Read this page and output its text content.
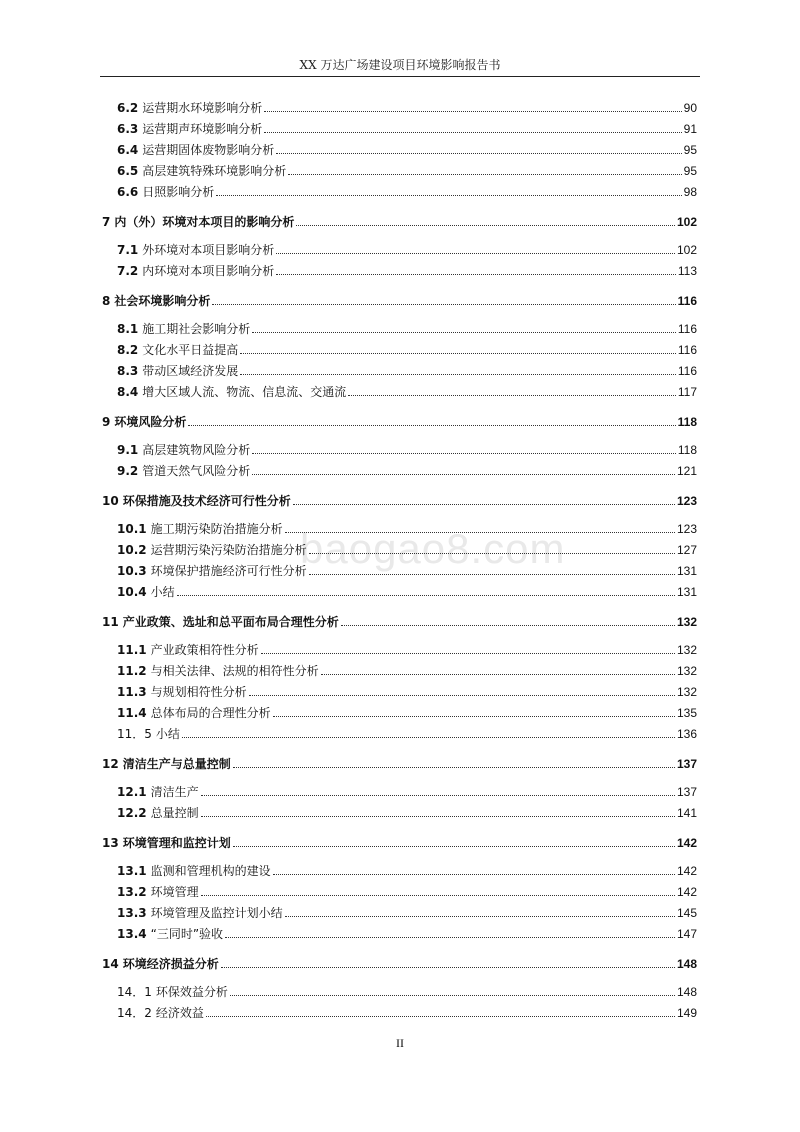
XX 万达广场建设项目环境影响报告书
baogao8.com
6.2 运营期水环境影响分析	90
6.3 运营期声环境影响分析	91
6.4 运营期固体废物影响分析	95
6.5 高层建筑特殊环境影响分析	95
6.6 日照影响分析	98
7 内（外）环境对本项目的影响分析	102
7.1 外环境对本项目影响分析	102
7.2 内环境对本项目影响分析	113
8 社会环境影响分析	116
8.1 施工期社会影响分析	116
8.2 文化水平日益提高	116
8.3 带动区域经济发展	116
8.4 增大区域人流、物流、信息流、交通流	117
9 环境风险分析	118
9.1 高层建筑物风险分析	118
9.2 管道天然气风险分析	121
10 环保措施及技术经济可行性分析	123
10.1 施工期污染防治措施分析	123
10.2 运营期污染污染防治措施分析	127
10.3 环境保护措施经济可行性分析	131
10.4 小结	131
11 产业政策、选址和总平面布局合理性分析	132
11.1 产业政策相符性分析	132
11.2 与相关法律、法规的相符性分析	132
11.3 与规划相符性分析	132
11.4 总体布局的合理性分析	135
11．5 小结	136
12 清洁生产与总量控制	137
12.1 清洁生产	137
12.2 总量控制	141
13 环境管理和监控计划	142
13.1 监测和管理机构的建设	142
13.2 环境管理	142
13.3 环境管理及监控计划小结	145
13.4 “三同时”验收	147
14 环境经济损益分析	148
14．1 环保效益分析	148
14．2 经济效益	149
II
